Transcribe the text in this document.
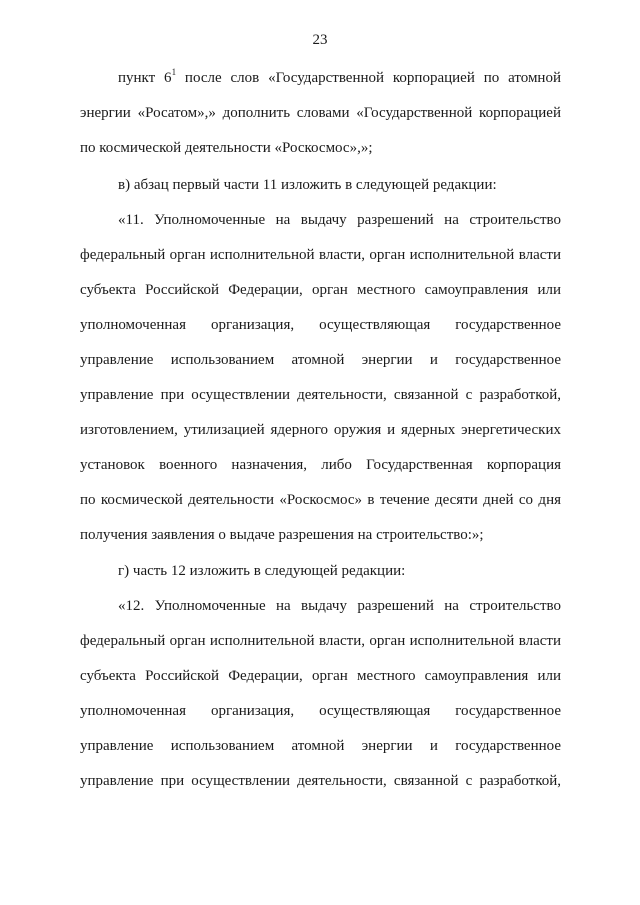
23
пункт $6^1$ после слов «Государственной корпорацией по атомной
энергии «Росатом»,» дополнить словами «Государственной корпорацией
по космической деятельности «Роскосмос»,»;
в) абзац первый части 11 изложить в следующей редакции:
«11. Уполномоченные на выдачу разрешений на строительство
федеральный орган исполнительной власти, орган исполнительной власти
субъекта Российской Федерации, орган местного самоуправления или
уполномоченная организация, осуществляющая государственное
управление использованием атомной энергии и государственное
управление при осуществлении деятельности, связанной с разработкой,
изготовлением, утилизацией ядерного оружия и ядерных энергетических
установок военного назначения, либо Государственная корпорация
по космической деятельности «Роскосмос» в течение десяти дней со дня
получения заявления о выдаче разрешения на строительство:»;
г) часть 12 изложить в следующей редакции:
«12. Уполномоченные на выдачу разрешений на строительство
федеральный орган исполнительной власти, орган исполнительной власти
субъекта Российской Федерации, орган местного самоуправления или
уполномоченная организация, осуществляющая государственное
управление использованием атомной энергии и государственное
управление при осуществлении деятельности, связанной с разработкой,
